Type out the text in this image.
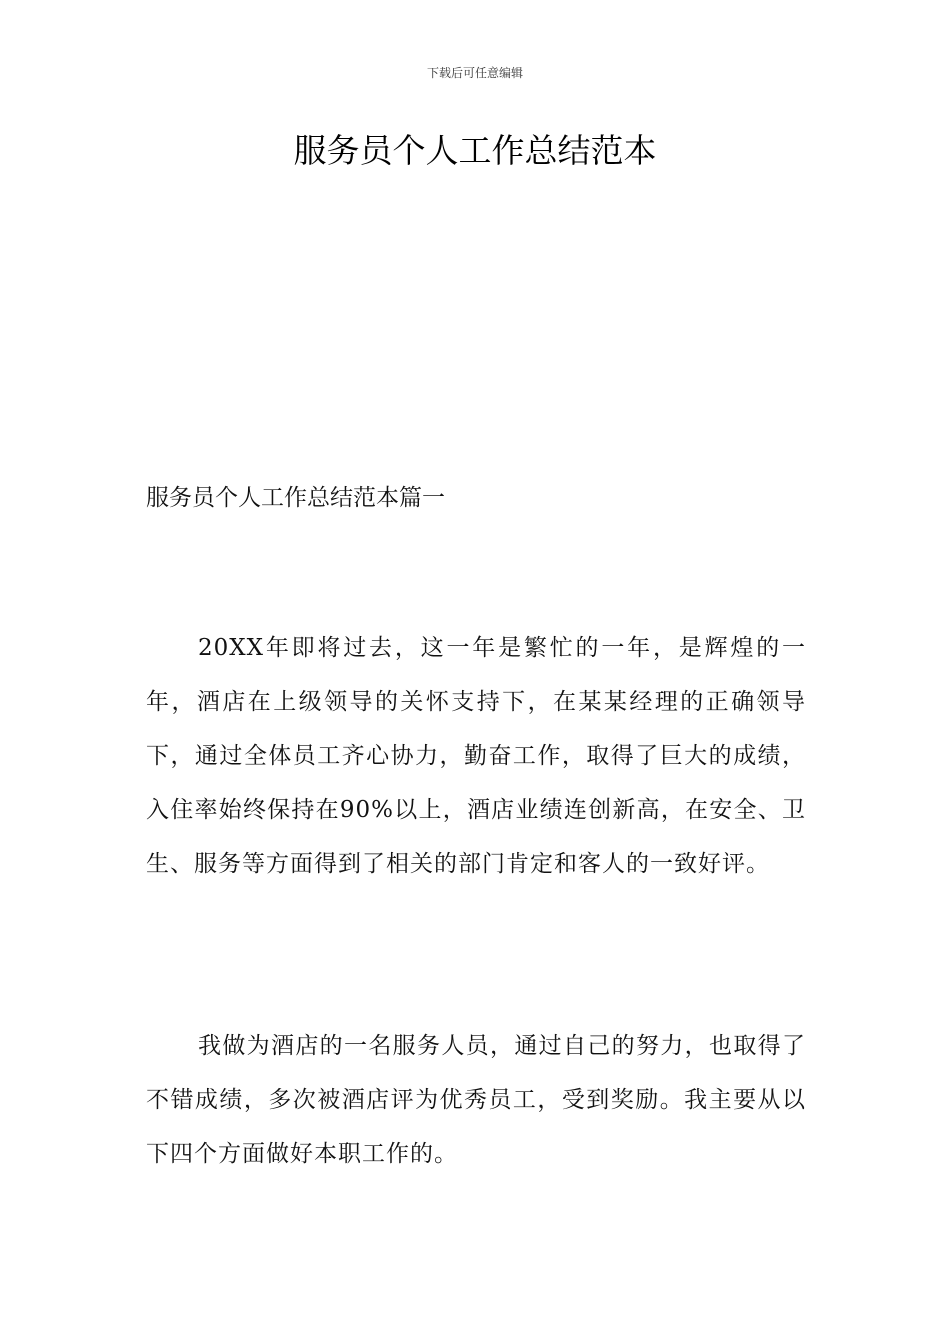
下载后可任意编辑
服务员个人工作总结范本
服务员个人工作总结范本篇一

20XX年即将过去，这一年是繁忙的一年，是辉煌的一年，酒店在上级领导的关怀支持下，在某某经理的正确领导下，通过全体员工齐心协力，勤奋工作，取得了巨大的成绩，入住率始终保持在90%以上，酒店业绩连创新高，在安全、卫生、服务等方面得到了相关的部门肯定和客人的一致好评。

我做为酒店的一名服务人员，通过自己的努力，也取得了不错成绩，多次被酒店评为优秀员工，受到奖励。我主要从以下四个方面做好本职工作的。
